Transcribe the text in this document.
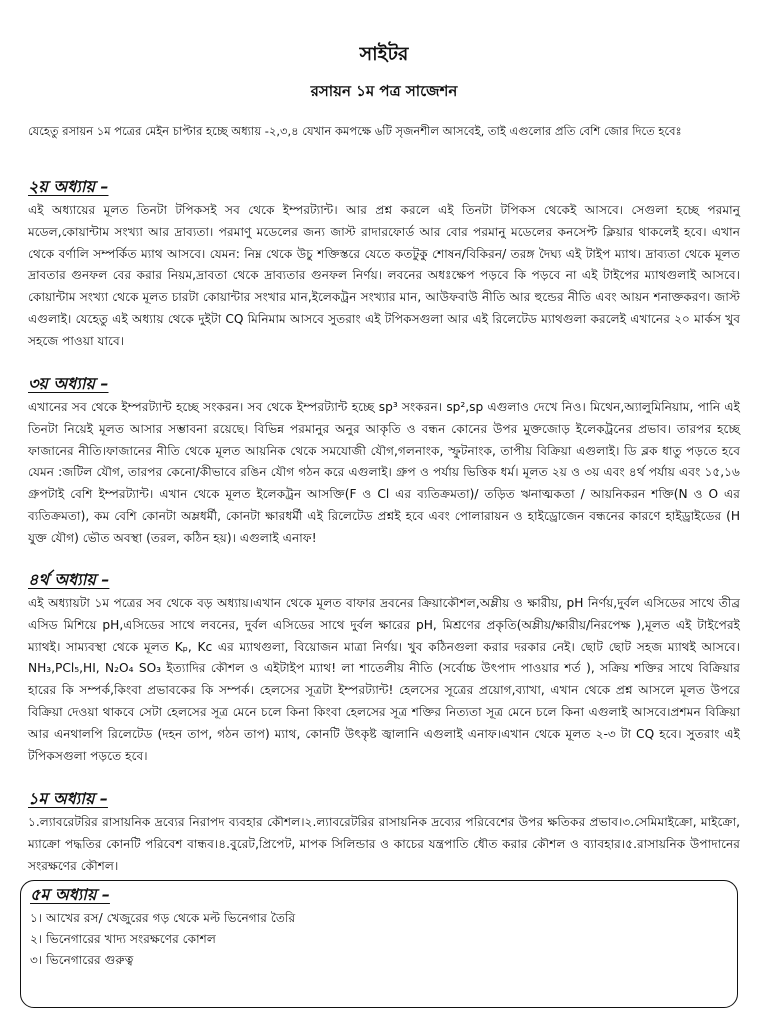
সাইটর
রসায়ন ১ম পত্র সাজেশন
যেহেতু রসায়ন ১ম পত্রের মেইন চাপ্টার হচ্ছে অধ্যায় -২,৩,৪ যেখান কমপক্ষে ৬টি সৃজনশীল আসবেই, তাই এগুলোর প্রতি বেশি জোর দিতে হবেঃ
২য় অধ্যায় –
এই অধ্যায়ের মূলত তিনটা টপিকসই সব থেকে ইম্পরট্যান্ট। আর প্রশ্ন করলে এই তিনটা টপিকস থেকেই আসবে। সেগুলা হচ্ছে পরমানু মডেল,কোয়ান্টাম সংখ্যা আর দ্রাব্যতা। পরমাণু মডেলের জন্য জাস্ট রাদারফোর্ড আর বোর পরমানু মডেলের কনসেপ্ট ক্লিয়ার থাকলেই হবে। এখান থেকে বর্ণালি সম্পর্কিত ম্যাথ আসবে। যেমন: নিম্ন থেকে উচু শক্তিস্তরে যেতে কতটুকু শোষন/বিকিরন/ তরঙ্গ দৈঘ্য এই টাইপ ম্যাথ। দ্রাব্যতা থেকে মূলত দ্রাবতার গুনফল বের করার নিয়ম,দ্রাবতা থেকে দ্রাব্যতার গুনফল নির্ণয়। লবনের অধঃক্ষেপ পড়বে কি পড়বে না এই টাইপের ম্যাথগুলাই আসবে। কোয়ান্টাম সংখ্যা থেকে মূলত চারটা কোয়ান্টার সংখার মান,ইলেকট্রন সংখ্যার মান, আউফবাউ নীতি আর হুন্ডের নীতি এবং আয়ন শনাক্তকরণ। জাস্ট এগুলাই। যেহেতু এই অধ্যায় থেকে দুইটা CQ মিনিমাম আসবে সুতরাং এই টপিকসগুলা আর এই রিলেটেড ম্যাথগুলা করলেই এখানের ২০ মার্কস খুব সহজে পাওয়া যাবে।
৩য় অধ্যায় –
এখানের সব থেকে ইম্পরট্যান্ট হচ্ছে সংকরন। সব থেকে ইম্পরট্যান্ট হচ্ছে sp³ সংকরন। sp²,sp এগুলাও দেখে নিও। মিথেন,অ্যালুমিনিয়াম, পানি এই তিনটা নিয়েই মূলত আসার সম্ভাবনা রয়েছে। বিভিন্ন পরমানুর অনুর আকৃতি ও বন্ধন কোনের উপর মুক্তজোড় ইলেকট্রনের প্রভাব। তারপর হচ্ছে ফাজানের নীতি।ফাজানের নীতি থেকে মূলত আয়নিক থেকে সমযোজী যৌগ,গলনাংক, স্ফুটনাংক, তাপীয় বিক্রিয়া এগুলাই। ডি ব্লক ধাতু পড়তে হবে যেমন :জটিল যৌগ, তারপর কেনো/কীভাবে রঙিন যৌগ গঠন করে এগুলাই। গ্রুপ ও পর্যায় ভিত্তিক ধর্ম। মূলত ২য় ও ৩য় এবং ৪র্থ পর্যায় এবং ১৫,১৬ গ্রুপটাই বেশি ইম্পরট্যান্ট। এখান থেকে মূলত ইলেকট্রন আসক্তি(F ও Cl এর ব্যতিক্রমতা)/ তড়িত ঋনাত্মকতা / আয়নিকরন শক্তি(N ও O এর ব্যতিক্রমতা), কম বেশি কোনটা অম্লধর্মী, কোনটা ক্ষারধর্মী এই রিলেটেড প্রশ্নই হবে এবং পোলারায়ন ও হাইড্রোজেন বন্ধনের কারণে হাইড্রাইডের (H যুক্ত যৌগ) ভৌত অবস্থা (তরল, কঠিন হয়)। এগুলাই এনাফ!
৪র্থ অধ্যায় –
এই অধ্যায়টা ১ম পত্রের সব থেকে বড় অধ্যায়।এখান থেকে মূলত বাফার দ্রবনের ক্রিয়াকৌশল,অম্লীয় ও ক্ষারীয়, pH নির্ণয়,দুর্বল এসিডের সাথে তীব্র এসিড মিশিয়ে pH,এসিডের সাথে লবনের, দুর্বল এসিডের সাথে দুর্বল ক্ষারের pH, মিশ্রণের প্রকৃতি(অম্লীয়/ক্ষারীয়/নিরপেক্ষ ),মূলত এই টাইপেরই ম্যাথই। সাম্যবস্থা থেকে মূলত Kₚ, Kc এর ম্যাথগুলা, বিয়োজন মাত্রা নির্ণয়। খুব কঠিনগুলা করার দরকার নেই। ছোট ছোট সহজ ম্যাথই আসবে। NH₃,PCl₅,HI, N₂O₄ SO₃ ইত্যাদির কৌশল ও এইটাইপ ম্যাথ! লা শাতেলীয় নীতি (সর্বোচ্চ উৎপাদ পাওয়ার শর্ত ), সক্রিয় শক্তির সাথে বিক্রিয়ার হারের কি সম্পর্ক,কিংবা প্রভাবকের কি সম্পর্ক। হেলসের সূত্রটা ইম্পরট্যান্ট! হেলসের সূত্রের প্রয়োগ,ব্যাখা, এখান থেকে প্রশ্ন আসলে মূলত উপরে বিক্রিয়া দেওয়া থাকবে সেটা হেলসের সূত্র মেনে চলে কিনা কিংবা হেলসের সূত্র শক্তির নিত্যতা সূত্র মেনে চলে কিনা এগুলাই আসবে।প্রশমন বিক্রিয়া আর এনথালপি রিলেটেড (দহন তাপ, গঠন তাপ) ম্যাথ, কোনটি উৎকৃষ্ট জ্বালানি এগুলাই এনাফ।এখান থেকে মূলত ২-৩ টা CQ হবে। সুতরাং এই টপিকসগুলা পড়তে হবে।
১ম অধ্যায় –
১.ল্যাবরেটরির রাসায়নিক দ্রব্যের নিরাপদ ব্যবহার কৌশল।২.ল্যাবরেটরির রাসায়নিক দ্রব্যের পরিবেশের উপর ক্ষতিকর প্রভাব।৩.সেমিমাইক্রো, মাইক্রো, ম্যাক্রো পদ্ধতির কোনটি পরিবেশ বান্ধব।৪.বুরেট,প্রিপেট, মাপক সিলিন্ডার ও কাচের যন্ত্রপাতি ধৌত করার কৌশল ও ব্যাবহার।৫.রাসায়নিক উপাদানের সংরক্ষণের কৌশল।
৫ম অধ্যায় –
১। আখের রস/ খেজুরের গড় থেকে মল্ট ভিনেগার তৈরি
২। ভিনেগারের খাদ্য সংরক্ষণের কোশল
৩। ভিনেগারের গুরুত্ব
